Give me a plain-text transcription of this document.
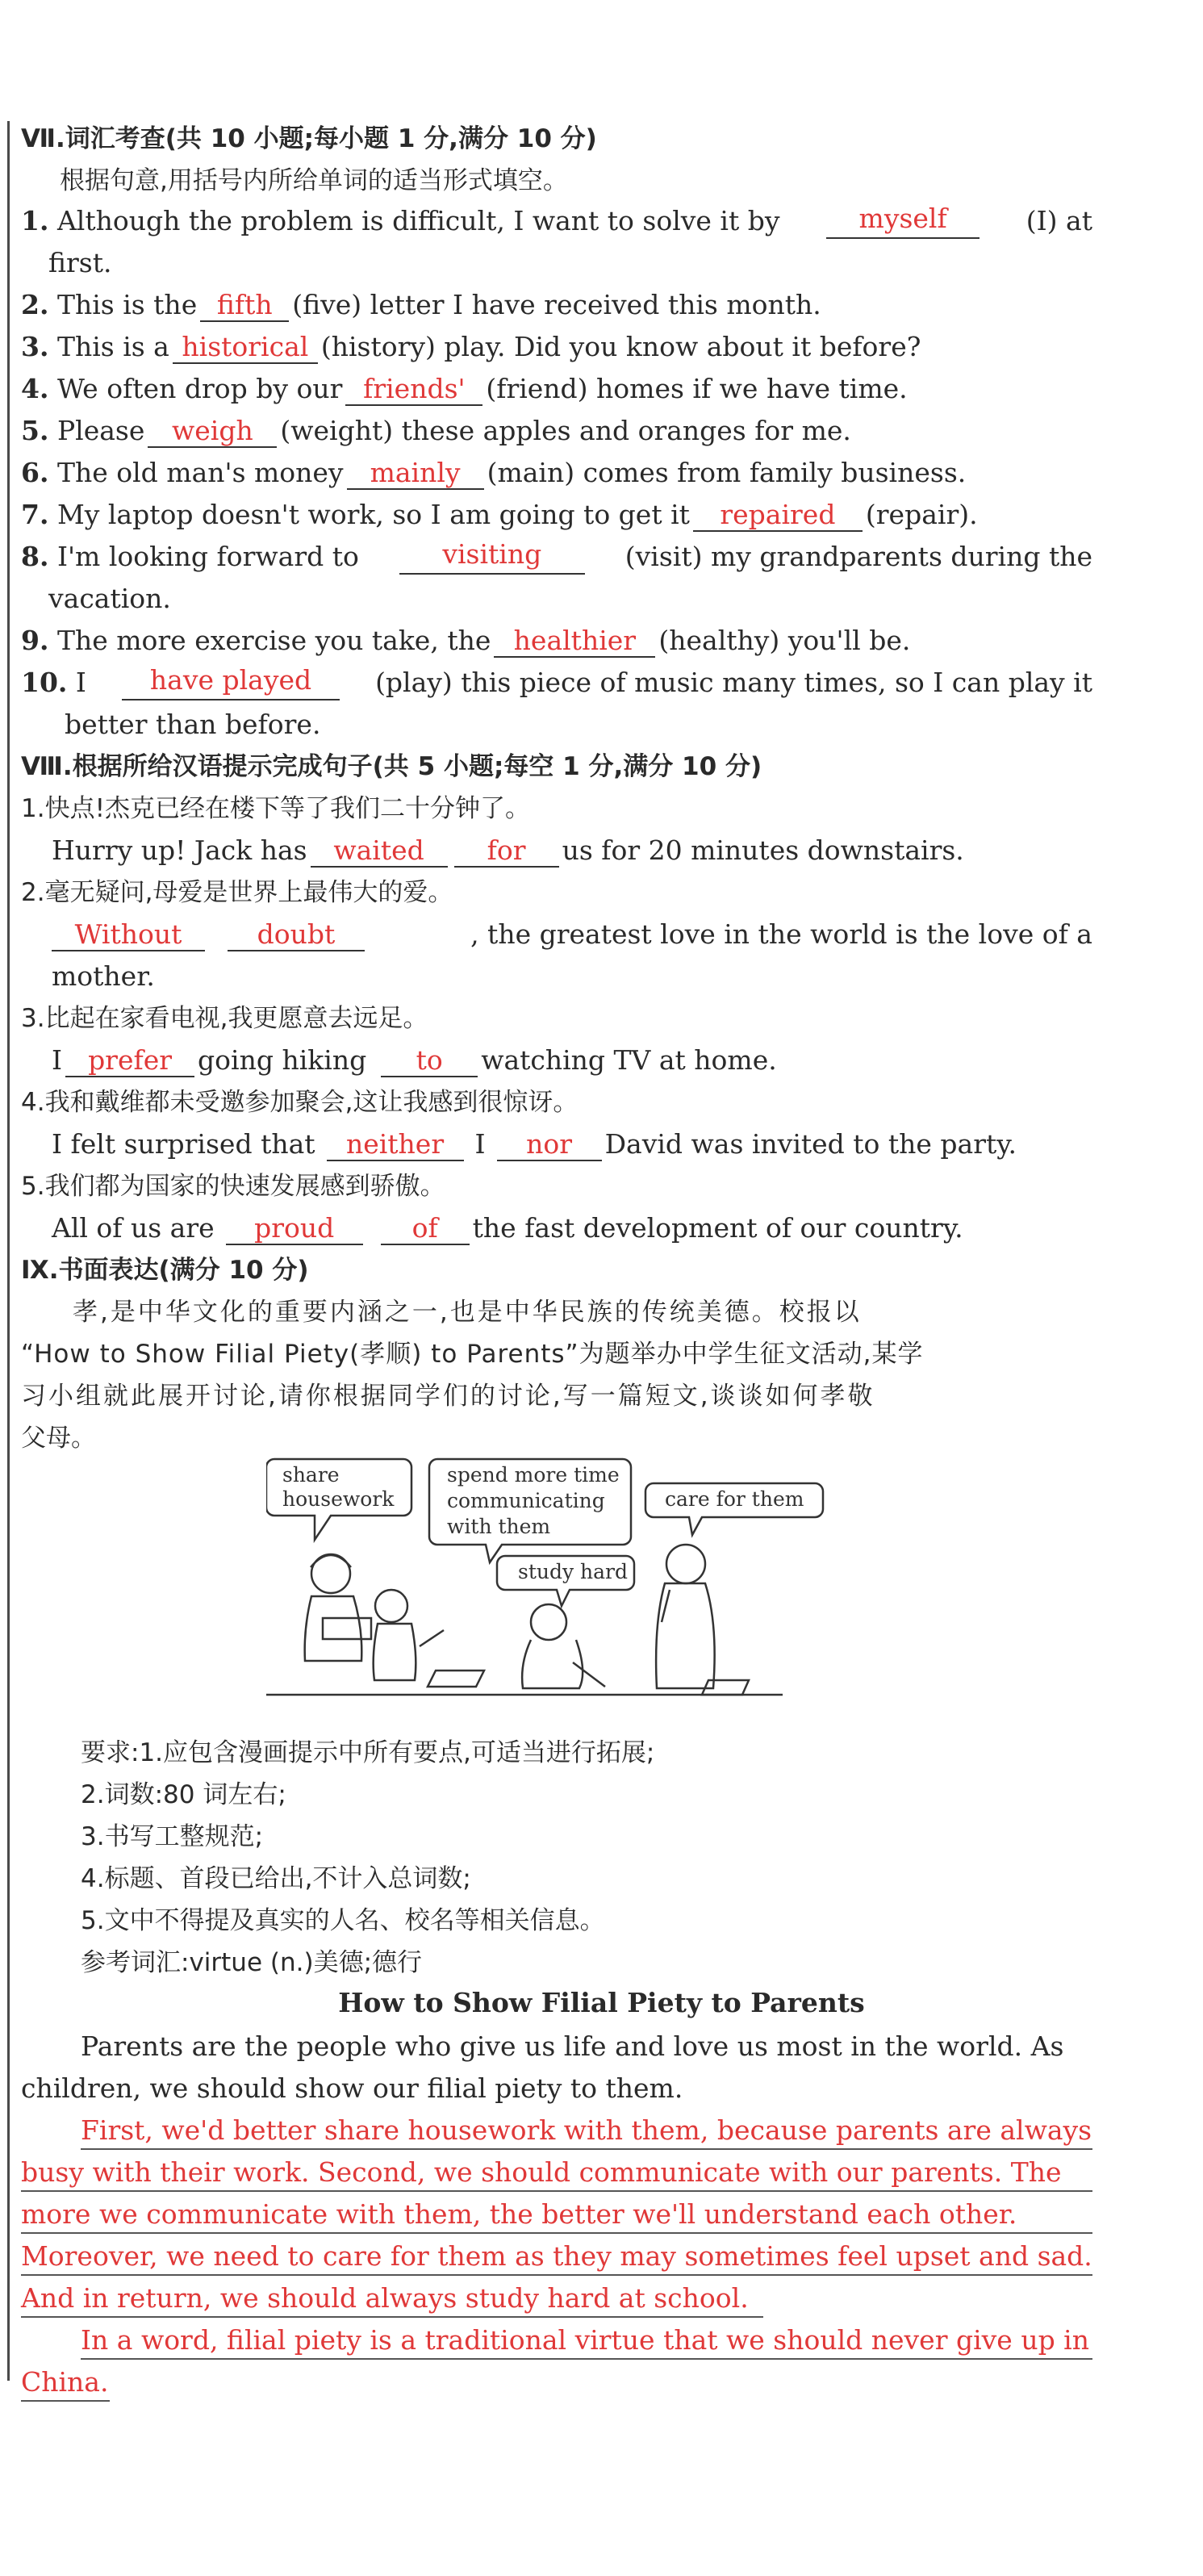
Ⅶ.词汇考查(共 10 小题;每小题 1 分,满分 10 分)
根据句意,用括号内所给单词的适当形式填空。
1. Although the problem is difficult, I want to solve it by	myself	(I) at
first.
2. This is the fifth (five) letter I have received this month.
3. This is a historical (history) play. Did you know about it before?
4. We often drop by our friends' (friend) homes if we have time.
5. Please weigh (weight) these apples and oranges for me.
6. The old man's money mainly (main) comes from family business.
7. My laptop doesn't work, so I am going to get it repaired (repair).
8. I'm looking forward to	visiting	(visit) my grandparents during the
vacation.
9. The more exercise you take, the healthier (healthy) you'll be.
10. I	have played	(play) this piece of music many times, so I can play it
better than before.
Ⅷ.根据所给汉语提示完成句子(共 5 小题;每空 1 分,满分 10 分)
1.快点!杰克已经在楼下等了我们二十分钟了。
Hurry up! Jack has waited for us for 20 minutes downstairs.
2.毫无疑问,母爱是世界上最伟大的爱。
Without	doubt	, the greatest love in the world is the love of a
mother.
3.比起在家看电视,我更愿意去远足。
I prefer going hiking to watching TV at home.
4.我和戴维都未受邀参加聚会,这让我感到很惊讶。
I felt surprised that neither I nor David was invited to the party.
5.我们都为国家的快速发展感到骄傲。
All of us are proud	of the fast development of our country.
Ⅸ.书面表达(满分 10 分)
孝,是中华文化的重要内涵之一,也是中华民族的传统美德。校报以
“How to Show Filial Piety(孝顺) to Parents”为题举办中学生征文活动,某学
习小组就此展开讨论,请你根据同学们的讨论,写一篇短文,谈谈如何孝敬
父母。
share
housework
spend more time
communicating
with them
care for them
study hard
要求:1.应包含漫画提示中所有要点,可适当进行拓展;
2.词数:80 词左右;
3.书写工整规范;
4.标题、首段已给出,不计入总词数;
5.文中不得提及真实的人名、校名等相关信息。
参考词汇:virtue (n.)美德;德行
How to Show Filial Piety to Parents
Parents are the people who give us life and love us most in the world. As
children, we should show our filial piety to them.
First, we'd better share housework with them, because parents are always
busy with their work. Second, we should communicate with our parents. The
more we communicate with them, the better we'll understand each other.
Moreover, we need to care for them as they may sometimes feel upset and sad.
And in return, we should always study hard at school.
In a word, filial piety is a traditional virtue that we should never give up in
China.
